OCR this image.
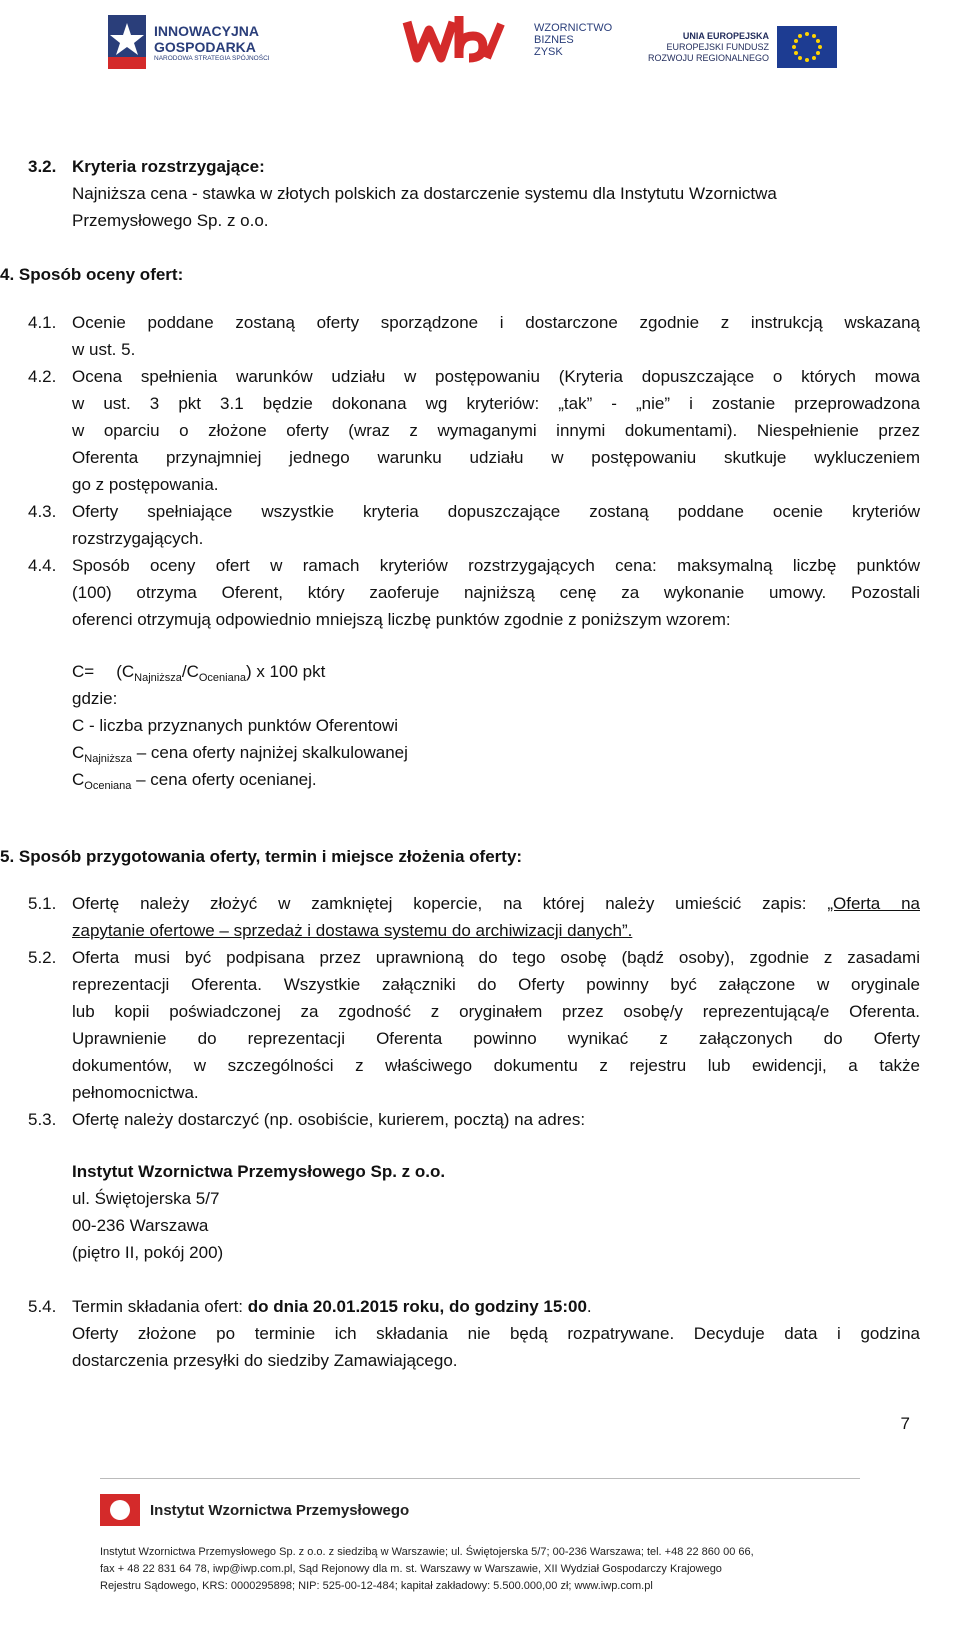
INNOWACYJNA
GOSPODARKA
NARODOWA STRATEGIA SPÓJNOŚCI
WZORNICTWO
BIZNES
ZYSK
UNIA EUROPEJSKA
EUROPEJSKI FUNDUSZ
ROZWOJU REGIONALNEGO
3.2. Kryteria rozstrzygające:
Najniższa cena - stawka w złotych polskich za dostarczenie systemu dla Instytutu Wzornictwa
Przemysłowego Sp. z o.o.
4. Sposób oceny ofert:
4.1. Ocenie poddane zostaną oferty sporządzone i dostarczone zgodnie z instrukcją wskazaną
w ust. 5.
4.2. Ocena spełnienia warunków udziału w postępowaniu (Kryteria dopuszczające o których mowa
w ust. 3 pkt 3.1 będzie dokonana wg kryteriów: „tak” - „nie” i zostanie przeprowadzona
w oparciu o złożone oferty (wraz z wymaganymi innymi dokumentami). Niespełnienie przez
Oferenta przynajmniej jednego warunku udziału w postępowaniu skutkuje wykluczeniem
go z postępowania.
4.3. Oferty spełniające wszystkie kryteria dopuszczające zostaną poddane ocenie kryteriów
rozstrzygających.
4.4. Sposób oceny ofert w ramach kryteriów rozstrzygających cena: maksymalną liczbę punktów
(100) otrzyma Oferent, który zaoferuje najniższą cenę za wykonanie umowy. Pozostali
oferenci otrzymują odpowiednio mniejszą liczbę punktów zgodnie z poniższym wzorem:
$C= (C_{Najniższa}/C_{Oceniana})$ x 100 pkt
gdzie:
C - liczba przyznanych punktów Oferentowi
$C_{Najniższa}$ – cena oferty najniżej skalkulowanej
$C_{Oceniana}$ – cena oferty ocenianej.
5. Sposób przygotowania oferty, termin i miejsce złożenia oferty:
5.1. Ofertę należy złożyć w zamkniętej kopercie, na której należy umieścić zapis: „Oferta na
zapytanie ofertowe – sprzedaż i dostawa systemu do archiwizacji danych”.
5.2. Oferta musi być podpisana przez uprawnioną do tego osobę (bądź osoby), zgodnie z zasadami
reprezentacji Oferenta. Wszystkie załączniki do Oferty powinny być załączone w oryginale
lub kopii poświadczonej za zgodność z oryginałem przez osobę/y reprezentującą/e Oferenta.
Uprawnienie do reprezentacji Oferenta powinno wynikać z załączonych do Oferty
dokumentów, w szczególności z właściwego dokumentu z rejestru lub ewidencji, a także
pełnomocnictwa.
5.3. Ofertę należy dostarczyć (np. osobiście, kurierem, pocztą) na adres:
Instytut Wzornictwa Przemysłowego Sp. z o.o.
ul. Świętojerska 5/7
00-236 Warszawa
(piętro II, pokój 200)
5.4. Termin składania ofert: do dnia 20.01.2015 roku, do godziny 15:00.
Oferty złożone po terminie ich składania nie będą rozpatrywane. Decyduje data i godzina
dostarczenia przesyłki do siedziby Zamawiającego.
7
Instytut Wzornictwa Przemysłowego
Instytut Wzornictwa Przemysłowego Sp. z o.o. z siedzibą w Warszawie; ul. Świętojerska 5/7; 00-236 Warszawa; tel. +48 22 860 00 66,
fax + 48 22 831 64 78, iwp@iwp.com.pl, Sąd Rejonowy dla m. st. Warszawy w Warszawie, XII Wydział Gospodarczy Krajowego
Rejestru Sądowego, KRS: 0000295898; NIP: 525-00-12-484; kapitał zakładowy: 5.500.000,00 zł; www.iwp.com.pl
